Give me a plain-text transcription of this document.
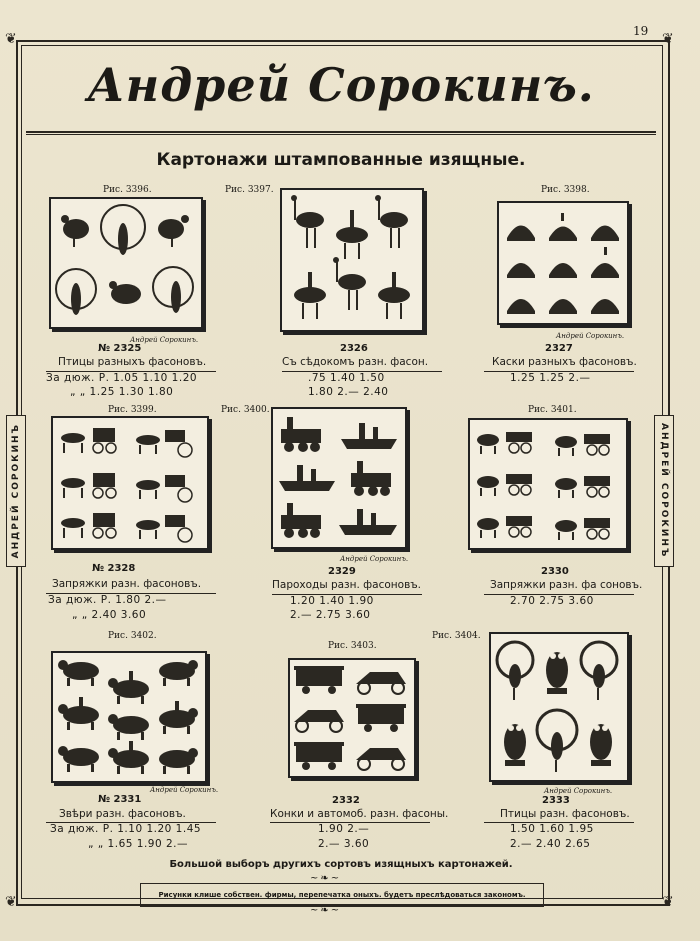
❦	❦
❦	❦
19
Андрей Сорокинъ.
Картонажи штампованные изящные.
АНДРЕЙ СОРОКИНЪ	АНДРЕЙ СОРОКИНЪ
Рис. 3396.
Андрей Сорокинъ.
№ 2325
Птицы разныхъ фасоновъ.
За дюж. Р. 1.05 1.10 1.20
„ „ 1.25 1.30 1.80
Рис. 3397.
2326
Съ сѣдокомъ разн. фасон.
.75 1.40 1.50
1.80 2.— 2.40
Рис. 3398.
Андрей Сорокинъ.
2327
Каски разныхъ фасоновъ.
1.25 1.25 2.—
Рис. 3399.
№ 2328
Запряжки разн. фасоновъ.
За дюж. Р. 1.80 2.—
„ „ 2.40 3.60
Рис. 3400.
Андрей Сорокинъ.
2329
Пароходы разн. фасоновъ.
1.20 1.40 1.90
2.— 2.75 3.60
Рис. 3401.
2330
Запряжки разн. фа соновъ.
2.70 2.75 3.60
Рис. 3402.
Андрей Сорокинъ.
№ 2331
Звѣри разн. фасоновъ.
За дюж. Р. 1.10 1.20 1.45
„ „ 1.65 1.90 2.—
Рис. 3403.
2332
Конки и автомоб. разн. фасоны.
1.90 2.—
2.— 3.60
Рис. 3404.
Андрей Сорокинъ.
2333
Птицы разн. фасоновъ.
1.50 1.60 1.95
2.— 2.40 2.65
Большой выборъ другихъ сортовъ изящныхъ картонажей.
~❧~
Рисунки клише собствен. фирмы, перепечатка оныхъ. будетъ преслѣдоваться закономъ.
~❧~
